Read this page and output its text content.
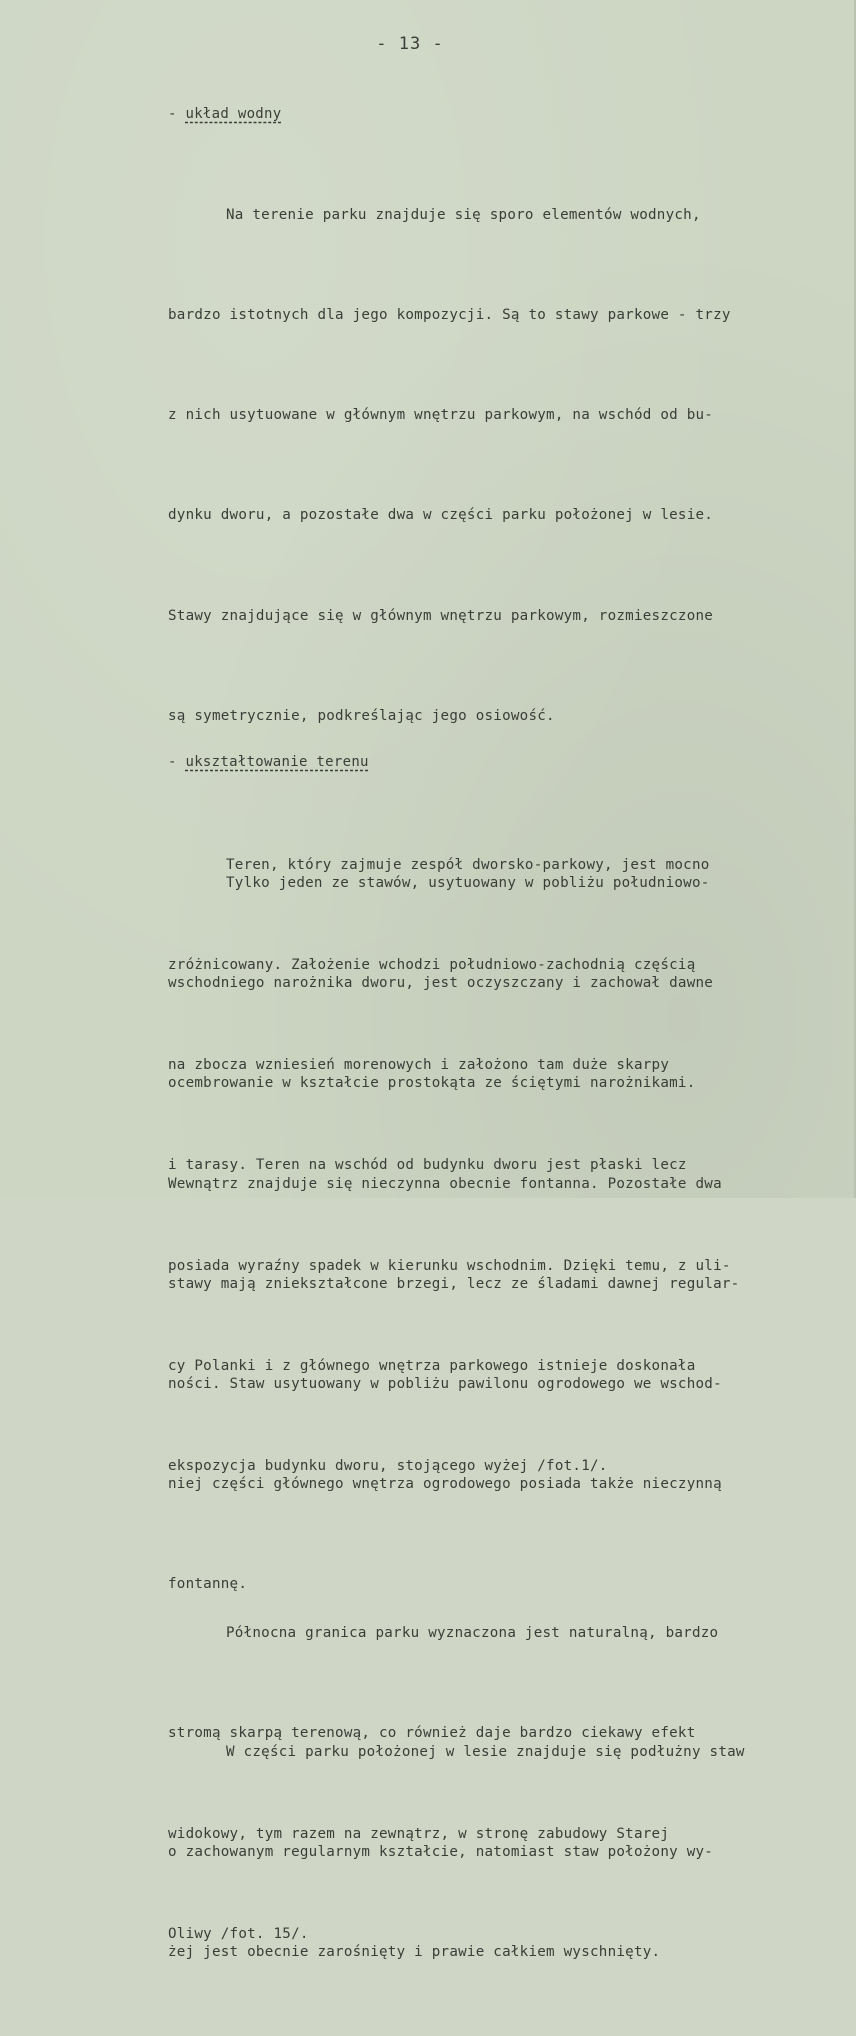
- 13 -
- układ wodny

Na terenie parku znajduje się sporo elementów wodnych,

bardzo istotnych dla jego kompozycji. Są to stawy parkowe - trzy

z nich usytuowane w głównym wnętrzu parkowym, na wschód od bu-

dynku dworu, a pozostałe dwa w części parku położonej w lesie.

Stawy znajdujące się w głównym wnętrzu parkowym, rozmieszczone

są symetrycznie, podkreślając jego osiowość.

Tylko jeden ze stawów, usytuowany w pobliżu południowo-

wschodniego narożnika dworu, jest oczyszczany i zachował dawne

ocembrowanie w kształcie prostokąta ze ściętymi narożnikami.

Wewnątrz znajduje się nieczynna obecnie fontanna. Pozostałe dwa

stawy mają zniekształcone brzegi, lecz ze śladami dawnej regular-

ności. Staw usytuowany w pobliżu pawilonu ogrodowego we wschod-

niej części głównego wnętrza ogrodowego posiada także nieczynną

fontannę.

W części parku położonej w lesie znajduje się podłużny staw

o zachowanym regularnym kształcie, natomiast staw położony wy-

żej jest obecnie zarośnięty i prawie całkiem wyschnięty.

- ukształtowanie terenu

Teren, który zajmuje zespół dworsko-parkowy, jest mocno

zróżnicowany. Założenie wchodzi południowo-zachodnią częścią

na zbocza wzniesień morenowych i założono tam duże skarpy

i tarasy. Teren na wschód od budynku dworu jest płaski lecz

posiada wyraźny spadek w kierunku wschodnim. Dzięki temu, z uli-

cy Polanki i z głównego wnętrza parkowego istnieje doskonała

ekspozycja budynku dworu, stojącego wyżej /fot.1/.

Północna granica parku wyznaczona jest naturalną, bardzo

stromą skarpą terenową, co również daje bardzo ciekawy efekt

widokowy, tym razem na zewnątrz, w stronę zabudowy Starej

Oliwy /fot. 15/.
